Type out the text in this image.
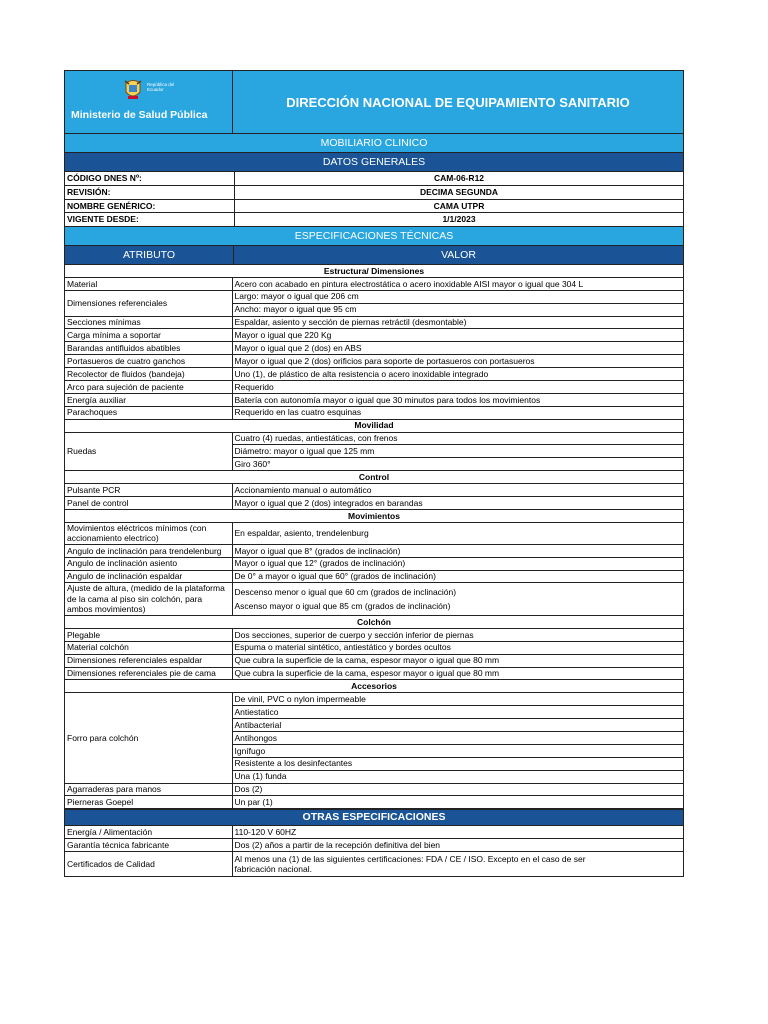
República del Ecuador
Ministerio de Salud Pública
DIRECCIÓN NACIONAL DE EQUIPAMIENTO SANITARIO
MOBILIARIO CLINICO
DATOS GENERALES
CÓDIGO DNES Nº:	CAM-06-R12
REVISIÓN:	DECIMA SEGUNDA
NOMBRE GENÉRICO:	CAMA UTPR
VIGENTE DESDE:	1/1/2023
ESPECIFICACIONES TÉCNICAS
ATRIBUTO	VALOR
Estructura/ Dimensiones	
Material	Acero con acabado en pintura electrostática o acero inoxidable AISI mayor o igual que 304 L
Dimensiones referenciales	Largo: mayor o igual que 206 cm
	Ancho: mayor o igual que 95 cm
Secciones mínimas	Espaldar, asiento y sección de piernas retráctil (desmontable)
Carga mínima a soportar	Mayor o igual que 220 Kg
Barandas antifluidos abatibles	Mayor o igual que 2 (dos) en ABS
Portasueros de cuatro ganchos	Mayor o igual que 2 (dos) orificios para soporte de portasueros con portasueros
Recolector de fluidos (bandeja)	Uno (1), de plástico de alta resistencia o acero inoxidable integrado
Arco para sujeción de paciente	Requerido
Energía auxiliar	Batería con autonomía mayor o igual que 30 minutos para todos los movimientos
Parachoques	Requerido en las cuatro esquinas
Movilidad	
Ruedas	Cuatro (4) ruedas, antiestáticas, con frenos
	Diámetro: mayor o igual que 125 mm
	Giro 360°
Control	
Pulsante PCR	Accionamiento manual o automático
Panel de control	Mayor o igual que 2 (dos) integrados en barandas
Movimientos	
Movimientos eléctricos mínimos (con accionamiento electrico)	En espaldar, asiento, trendelenburg
Angulo de inclinación para trendelenburg	Mayor o igual que 8° (grados de inclinación)
Angulo de inclinación asiento	Mayor o igual que 12° (grados de inclinación)
Angulo de inclinación espaldar	De 0° a mayor o igual que 60° (grados de inclinación)
Ajuste de altura, (medido de la plataforma de la cama al piso sin colchón, para ambos movimientos)	Descenso menor o igual que 60 cm (grados de inclinación)
Ascenso mayor o igual que 85 cm (grados de inclinación)

Colchón	
Plegable	Dos secciones, superior de cuerpo y sección inferior de piernas
Material colchón	Espuma o material sintético, antiestático y bordes ocultos
Dimensiones referenciales espaldar	Que cubra la superficie de la cama, espesor mayor o igual que 80 mm
Dimensiones referenciales pie de cama	Que cubra la superficie de la cama, espesor mayor o igual que 80 mm
Accesorios	
Forro para colchón	De vinil, PVC o nylon impermeable
	Antiestatico
	Antibacterial
	Antihongos
	Ignífugo
	Resistente a los desinfectantes
	Una (1) funda
Agarraderas para manos	Dos (2)
Pierneras Goepel	Un par (1)
OTRAS ESPECIFICACIONES
Energía / Alimentación	110-120 V 60HZ
Garantía técnica fabricante	Dos (2) años a partir de la recepción definitiva del bien
Certificados de Calidad	Al menos una (1) de las siguientes certificaciones: FDA / CE / ISO. Excepto en el caso de ser
fabricación nacional.
